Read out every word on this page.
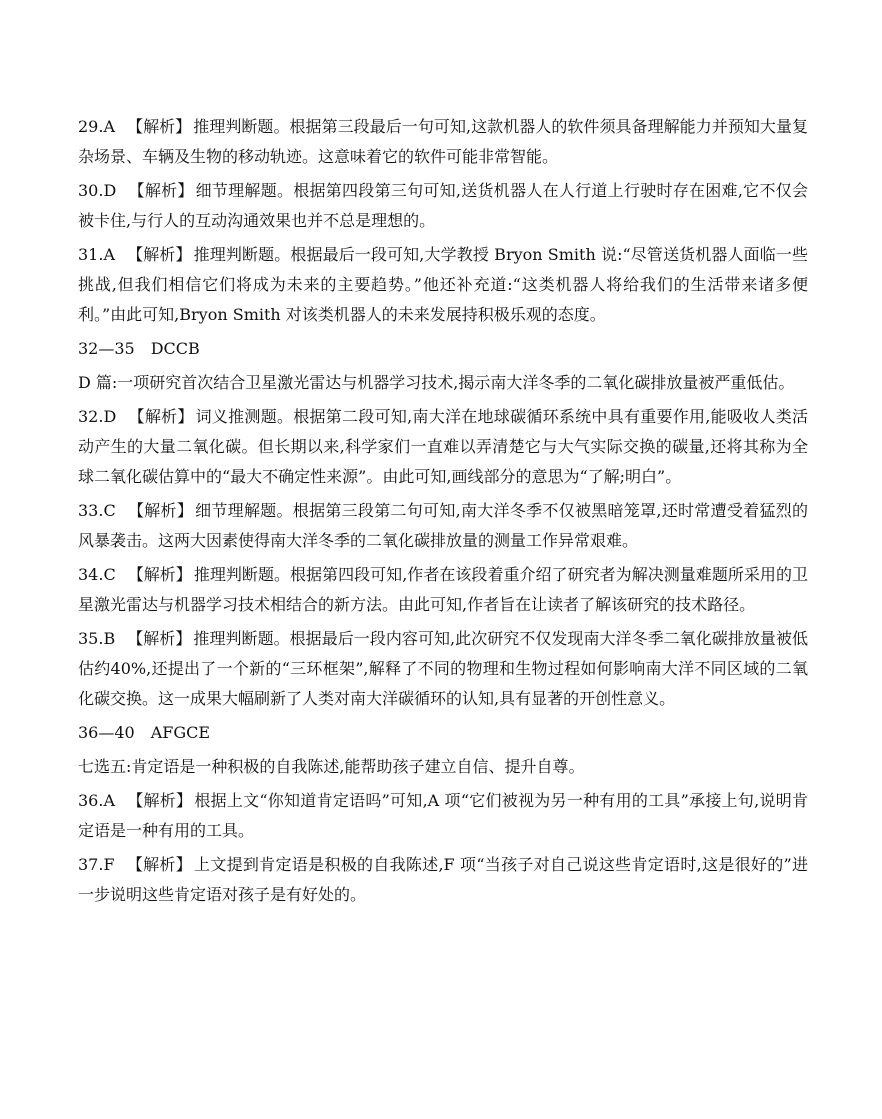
29.A 【解析】 推理判断题。根据第三段最后一句可知,这款机器人的软件须具备理解能力并预知大量复杂场景、车辆及生物的移动轨迹。这意味着它的软件可能非常智能。

30.D 【解析】 细节理解题。根据第四段第三句可知,送货机器人在人行道上行驶时存在困难,它不仅会被卡住,与行人的互动沟通效果也并不总是理想的。

31.A 【解析】 推理判断题。根据最后一段可知,大学教授 Bryon Smith 说:“尽管送货机器人面临一些挑战,但我们相信它们将成为未来的主要趋势。”他还补充道:“这类机器人将给我们的生活带来诸多便利。”由此可知,Bryon Smith 对该类机器人的未来发展持积极乐观的态度。

32—35　DCCB

D 篇:一项研究首次结合卫星激光雷达与机器学习技术,揭示南大洋冬季的二氧化碳排放量被严重低估。

32.D 【解析】 词义推测题。根据第二段可知,南大洋在地球碳循环系统中具有重要作用,能吸收人类活动产生的大量二氧化碳。但长期以来,科学家们一直难以弄清楚它与大气实际交换的碳量,还将其称为全球二氧化碳估算中的“最大不确定性来源”。由此可知,画线部分的意思为“了解;明白”。

33.C 【解析】 细节理解题。根据第三段第二句可知,南大洋冬季不仅被黑暗笼罩,还时常遭受着猛烈的风暴袭击。这两大因素使得南大洋冬季的二氧化碳排放量的测量工作异常艰难。

34.C 【解析】 推理判断题。根据第四段可知,作者在该段着重介绍了研究者为解决测量难题所采用的卫星激光雷达与机器学习技术相结合的新方法。由此可知,作者旨在让读者了解该研究的技术路径。

35.B 【解析】 推理判断题。根据最后一段内容可知,此次研究不仅发现南大洋冬季二氧化碳排放量被低估约40%,还提出了一个新的“三环框架”,解释了不同的物理和生物过程如何影响南大洋不同区域的二氧化碳交换。这一成果大幅刷新了人类对南大洋碳循环的认知,具有显著的开创性意义。

36—40　AFGCE

七选五:肯定语是一种积极的自我陈述,能帮助孩子建立自信、提升自尊。

36.A 【解析】 根据上文“你知道肯定语吗”可知,A 项“它们被视为另一种有用的工具”承接上句,说明肯定语是一种有用的工具。

37.F 【解析】 上文提到肯定语是积极的自我陈述,F 项“当孩子对自己说这些肯定语时,这是很好的”进一步说明这些肯定语对孩子是有好处的。
